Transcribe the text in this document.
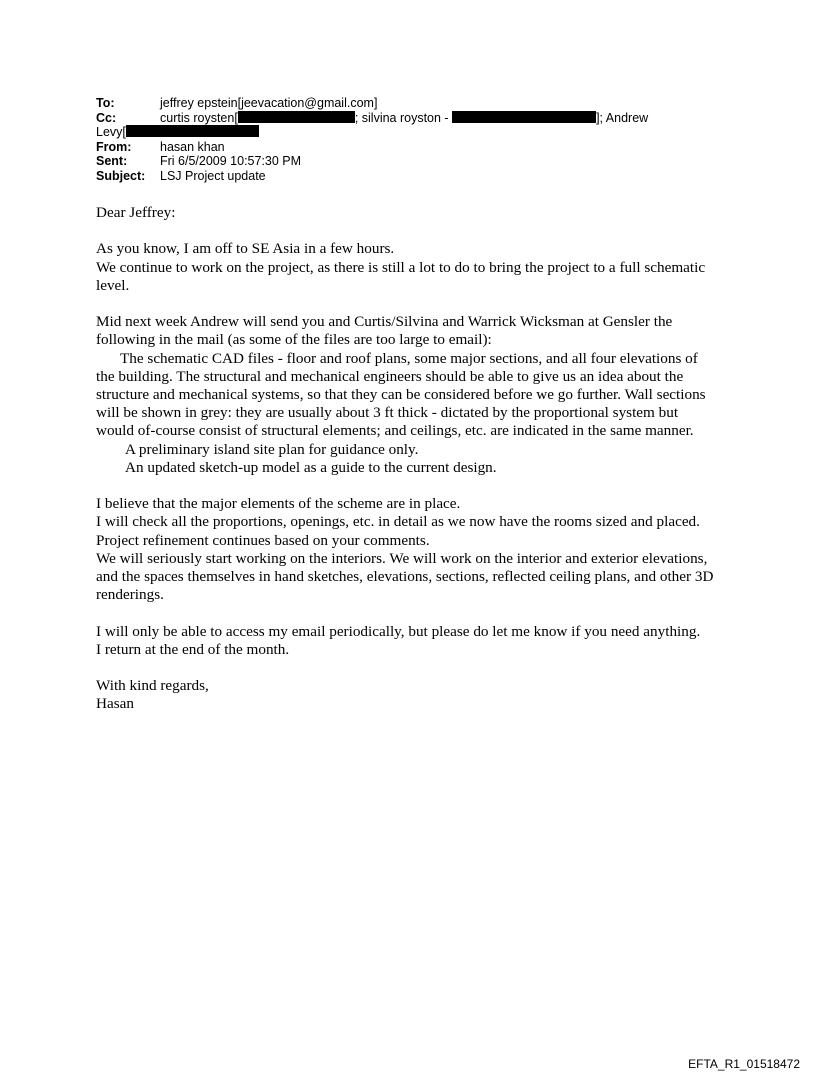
To:	jeffrey epstein[jeevacation@gmail.com]
Cc:	curtis roysten[	; silvina royston -	]; Andrew
Levy[
From:	hasan khan
Sent:	Fri 6/5/2009 10:57:30 PM
Subject:	LSJ Project update

Dear Jeffrey:

As you know, I am off to SE Asia in a few hours.

We continue to work on the project, as there is still a lot to do to bring the project to a full schematic level.

Mid next week Andrew will send you and Curtis/Silvina and Warrick Wicksman at Gensler the following in the mail (as some of the files are too large to email):

The schematic CAD files - floor and roof plans, some major sections, and all four elevations of the building. The structural and mechanical engineers should be able to give us an idea about the structure and mechanical systems, so that they can be considered before we go further. Wall sections will be shown in grey: they are usually about 3 ft thick - dictated by the proportional system but would of-course consist of structural elements; and ceilings, etc. are indicated in the same manner.

A preliminary island site plan for guidance only.

An updated sketch-up model as a guide to the current design.

I believe that the major elements of the scheme are in place.

I will check all the proportions, openings, etc. in detail as we now have the rooms sized and placed. Project refinement continues based on your comments.

We will seriously start working on the interiors. We will work on the interior and exterior elevations, and the spaces themselves in hand sketches, elevations, sections, reflected ceiling plans, and other 3D renderings.

I will only be able to access my email periodically, but please do let me know if you need anything.

I return at the end of the month.

With kind regards,

Hasan

EFTA_R1_01518472
